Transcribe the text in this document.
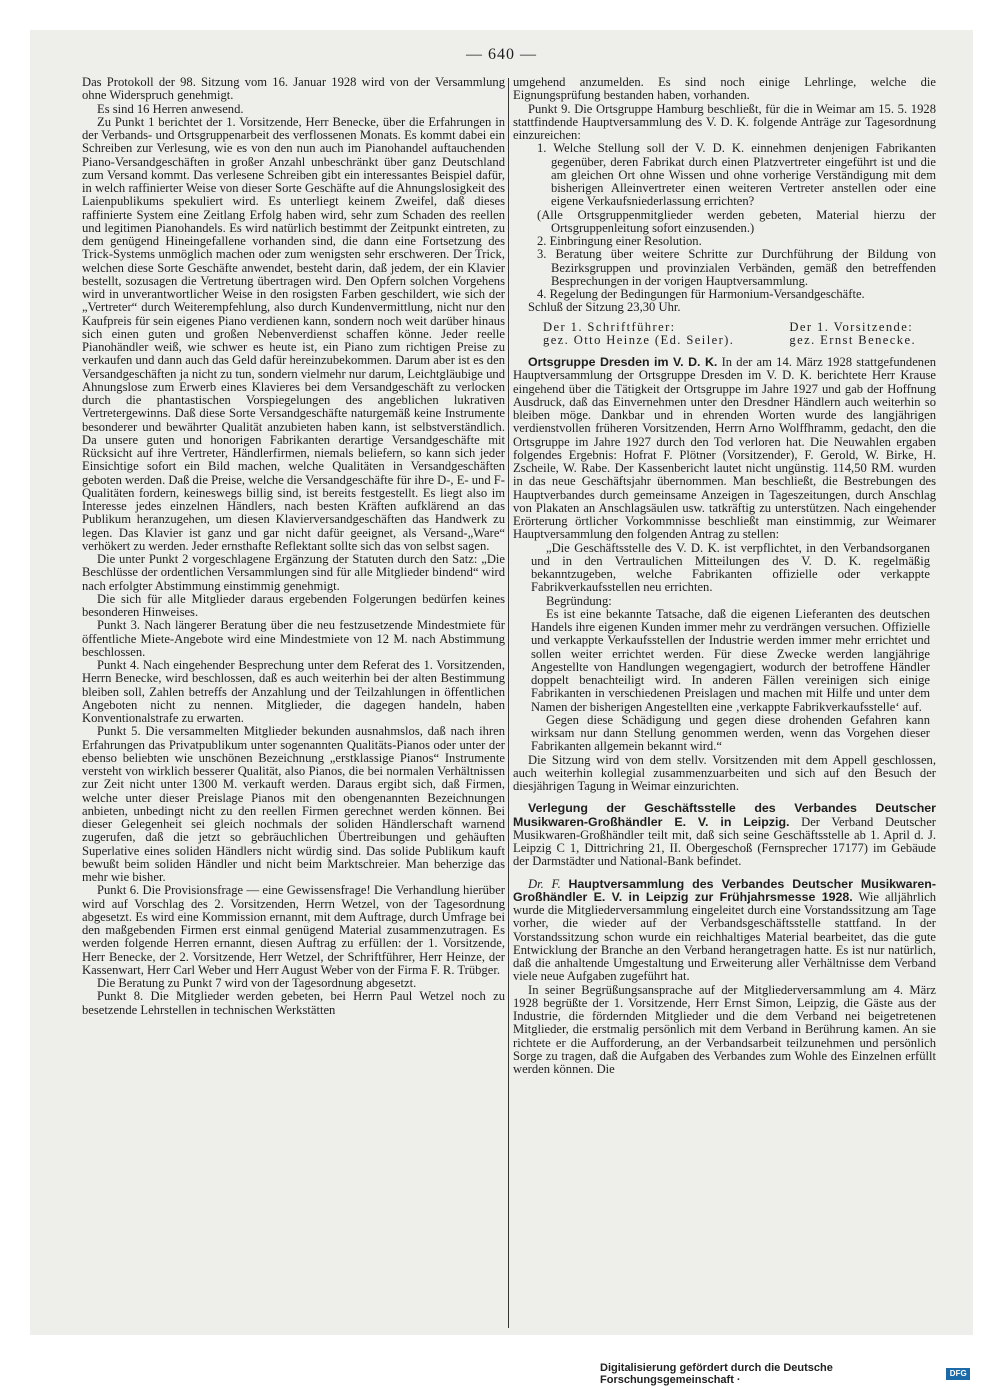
— 640 —

Das Protokoll der 98. Sitzung vom 16. Januar 1928 wird von der Versammlung ohne Widerspruch genehmigt.

Es sind 16 Herren anwesend.

Zu Punkt 1 berichtet der 1. Vorsitzende, Herr Benecke, über die Erfahrungen in der Verbands- und Ortsgruppenarbeit des verflossenen Monats. Es kommt dabei ein Schreiben zur Verlesung, wie es von den nun auch im Pianohandel auftauchenden Piano-Versandgeschäften in großer Anzahl unbeschränkt über ganz Deutschland zum Versand kommt. Das verlesene Schreiben gibt ein interessantes Beispiel dafür, in welch raffinierter Weise von dieser Sorte Geschäfte auf die Ahnungslosigkeit des Laienpublikums spekuliert wird. Es unterliegt keinem Zweifel, daß dieses raffinierte System eine Zeitlang Erfolg haben wird, sehr zum Schaden des reellen und legitimen Pianohandels. Es wird natürlich bestimmt der Zeitpunkt eintreten, zu dem genügend Hineingefallene vorhanden sind, die dann eine Fortsetzung des Trick-Systems unmöglich machen oder zum wenigsten sehr erschweren. Der Trick, welchen diese Sorte Geschäfte anwendet, besteht darin, daß jedem, der ein Klavier bestellt, sozusagen die Vertretung übertragen wird. Den Opfern solchen Vorgehens wird in unverantwortlicher Weise in den rosigsten Farben geschildert, wie sich der „Vertreter“ durch Weiterempfehlung, also durch Kundenvermittlung, nicht nur den Kaufpreis für sein eigenes Piano verdienen kann, sondern noch weit darüber hinaus sich einen guten und großen Nebenverdienst schaffen könne. Jeder reelle Pianohändler weiß, wie schwer es heute ist, ein Piano zum richtigen Preise zu verkaufen und dann auch das Geld dafür hereinzubekommen. Darum aber ist es den Versandgeschäften ja nicht zu tun, sondern vielmehr nur darum, Leichtgläubige und Ahnungslose zum Erwerb eines Klavieres bei dem Versandgeschäft zu verlocken durch die phantastischen Vorspiegelungen des angeblichen lukrativen Vertretergewinns. Daß diese Sorte Versandgeschäfte naturgemäß keine Instrumente besonderer und bewährter Qualität anzubieten haben kann, ist selbstverständlich. Da unsere guten und honorigen Fabrikanten derartige Versandgeschäfte mit Rücksicht auf ihre Vertreter, Händlerfirmen, niemals beliefern, so kann sich jeder Einsichtige sofort ein Bild machen, welche Qualitäten in Versandgeschäften geboten werden. Daß die Preise, welche die Versandgeschäfte für ihre D-, E- und F-Qualitäten fordern, keineswegs billig sind, ist bereits festgestellt. Es liegt also im Interesse jedes einzelnen Händlers, nach besten Kräften aufklärend an das Publikum heranzugehen, um diesen Klavierversandgeschäften das Handwerk zu legen. Das Klavier ist ganz und gar nicht dafür geeignet, als Versand-„Ware“ verhökert zu werden. Jeder ernsthafte Reflektant sollte sich das von selbst sagen.

Die unter Punkt 2 vorgeschlagene Ergänzung der Statuten durch den Satz: „Die Beschlüsse der ordentlichen Versammlungen sind für alle Mitglieder bindend“ wird nach erfolgter Abstimmung einstimmig genehmigt.

Die sich für alle Mitglieder daraus ergebenden Folgerungen bedürfen keines besonderen Hinweises.

Punkt 3. Nach längerer Beratung über die neu festzusetzende Mindestmiete für öffentliche Miete-Angebote wird eine Mindestmiete von 12 M. nach Abstimmung beschlossen.

Punkt 4. Nach eingehender Besprechung unter dem Referat des 1. Vorsitzenden, Herrn Benecke, wird beschlossen, daß es auch weiterhin bei der alten Bestimmung bleiben soll, Zahlen betreffs der Anzahlung und der Teilzahlungen in öffentlichen Angeboten nicht zu nennen. Mitglieder, die dagegen handeln, haben Konventionalstrafe zu erwarten.

Punkt 5. Die versammelten Mitglieder bekunden ausnahmslos, daß nach ihren Erfahrungen das Privatpublikum unter sogenannten Qualitäts-Pianos oder unter der ebenso beliebten wie unschönen Bezeichnung „erstklassige Pianos“ Instrumente versteht von wirklich besserer Qualität, also Pianos, die bei normalen Verhältnissen zur Zeit nicht unter 1300 M. verkauft werden. Daraus ergibt sich, daß Firmen, welche unter dieser Preislage Pianos mit den obengenannten Bezeichnungen anbieten, unbedingt nicht zu den reellen Firmen gerechnet werden können. Bei dieser Gelegenheit sei gleich nochmals der soliden Händlerschaft warnend zugerufen, daß die jetzt so gebräuchlichen Übertreibungen und gehäuften Superlative eines soliden Händlers nicht würdig sind. Das solide Publikum kauft bewußt beim soliden Händler und nicht beim Marktschreier. Man beherzige das mehr wie bisher.

Punkt 6. Die Provisionsfrage — eine Gewissensfrage! Die Verhandlung hierüber wird auf Vorschlag des 2. Vorsitzenden, Herrn Wetzel, von der Tagesordnung abgesetzt. Es wird eine Kommission ernannt, mit dem Auftrage, durch Umfrage bei den maßgebenden Firmen erst einmal genügend Material zusammenzutragen. Es werden folgende Herren ernannt, diesen Auftrag zu erfüllen: der 1. Vorsitzende, Herr Benecke, der 2. Vorsitzende, Herr Wetzel, der Schriftführer, Herr Heinze, der Kassenwart, Herr Carl Weber und Herr August Weber von der Firma F. R. Trübger.

Die Beratung zu Punkt 7 wird von der Tagesordnung abgesetzt.

Punkt 8. Die Mitglieder werden gebeten, bei Herrn Paul Wetzel noch zu besetzende Lehrstellen in technischen Werkstätten

umgehend anzumelden. Es sind noch einige Lehrlinge, welche die Eignungsprüfung bestanden haben, vorhanden.

Punkt 9. Die Ortsgruppe Hamburg beschließt, für die in Weimar am 15. 5. 1928 stattfindende Hauptversammlung des V. D. K. folgende Anträge zur Tagesordnung einzureichen:

1. Welche Stellung soll der V. D. K. einnehmen denjenigen Fabrikanten gegenüber, deren Fabrikat durch einen Platzvertreter eingeführt ist und die am gleichen Ort ohne Wissen und ohne vorherige Verständigung mit dem bisherigen Alleinvertreter einen weiteren Vertreter anstellen oder eine eigene Verkaufsniederlassung errichten?
(Alle Ortsgruppenmitglieder werden gebeten, Material hierzu der Ortsgruppenleitung sofort einzusenden.)
2. Einbringung einer Resolution.
3. Beratung über weitere Schritte zur Durchführung der Bildung von Bezirksgruppen und provinzialen Verbänden, gemäß den betreffenden Besprechungen in der vorigen Hauptversammlung.
4. Regelung der Bedingungen für Harmonium-Versandgeschäfte.

Schluß der Sitzung 23,30 Uhr.

Der 1. Schriftführer:
gez. Otto Heinze (Ed. Seiler).
Der 1. Vorsitzende:
gez. Ernst Benecke.

Ortsgruppe Dresden im V. D. K. In der am 14. März 1928 stattgefundenen Hauptversammlung der Ortsgruppe Dresden im V. D. K. berichtete Herr Krause eingehend über die Tätigkeit der Ortsgruppe im Jahre 1927 und gab der Hoffnung Ausdruck, daß das Einvernehmen unter den Dresdner Händlern auch weiterhin so bleiben möge. Dankbar und in ehrenden Worten wurde des langjährigen verdienstvollen früheren Vorsitzenden, Herrn Arno Wolffhramm, gedacht, den die Ortsgruppe im Jahre 1927 durch den Tod verloren hat. Die Neuwahlen ergaben folgendes Ergebnis: Hofrat F. Plötner (Vorsitzender), F. Gerold, W. Birke, H. Zscheile, W. Rabe. Der Kassenbericht lautet nicht ungünstig. 114,50 RM. wurden in das neue Geschäftsjahr übernommen. Man beschließt, die Bestrebungen des Hauptverbandes durch gemeinsame Anzeigen in Tageszeitungen, durch Anschlag von Plakaten an Anschlagsäulen usw. tatkräftig zu unterstützen. Nach eingehender Erörterung örtlicher Vorkommnisse beschließt man einstimmig, zur Weimarer Hauptversammlung den folgenden Antrag zu stellen:

„Die Geschäftsstelle des V. D. K. ist verpflichtet, in den Verbandsorganen und in den Vertraulichen Mitteilungen des V. D. K. regelmäßig bekanntzugeben, welche Fabrikanten offizielle oder verkappte Fabrikverkaufsstellen neu errichten.

Begründung:

Es ist eine bekannte Tatsache, daß die eigenen Lieferanten des deutschen Handels ihre eigenen Kunden immer mehr zu verdrängen versuchen. Offizielle und verkappte Verkaufsstellen der Industrie werden immer mehr errichtet und sollen weiter errichtet werden. Für diese Zwecke werden langjährige Angestellte von Handlungen wegengagiert, wodurch der betroffene Händler doppelt benachteiligt wird. In anderen Fällen vereinigen sich einige Fabrikanten in verschiedenen Preislagen und machen mit Hilfe und unter dem Namen der bisherigen Angestellten eine ‚verkappte Fabrikverkaufsstelle‘ auf.

Gegen diese Schädigung und gegen diese drohenden Gefahren kann wirksam nur dann Stellung genommen werden, wenn das Vorgehen dieser Fabrikanten allgemein bekannt wird.“

Die Sitzung wird von dem stellv. Vorsitzenden mit dem Appell geschlossen, auch weiterhin kollegial zusammenzuarbeiten und sich auf den Besuch der diesjährigen Tagung in Weimar einzurichten.

Verlegung der Geschäftsstelle des Verbandes Deutscher Musikwaren-Großhändler E. V. in Leipzig. Der Verband Deutscher Musikwaren-Großhändler teilt mit, daß sich seine Geschäftsstelle ab 1. April d. J. Leipzig C 1, Dittrichring 21, II. Obergeschoß (Fernsprecher 17177) im Gebäude der Darmstädter und National-Bank befindet.

Dr. F. Hauptversammlung des Verbandes Deutscher Musikwaren-Großhändler E. V. in Leipzig zur Frühjahrsmesse 1928. Wie alljährlich wurde die Mitgliederversammlung eingeleitet durch eine Vorstandssitzung am Tage vorher, die wieder auf der Verbandsgeschäftsstelle stattfand. In der Vorstandssitzung schon wurde ein reichhaltiges Material bearbeitet, das die gute Entwicklung der Branche an den Verband herangetragen hatte. Es ist nur natürlich, daß die anhaltende Umgestaltung und Erweiterung aller Verhältnisse dem Verband viele neue Aufgaben zugeführt hat.

In seiner Begrüßungsansprache auf der Mitgliederversammlung am 4. März 1928 begrüßte der 1. Vorsitzende, Herr Ernst Simon, Leipzig, die Gäste aus der Industrie, die fördernden Mitglieder und die dem Verband nei beigetretenen Mitglieder, die erstmalig persönlich mit dem Verband in Berührung kamen. An sie richtete er die Aufforderung, an der Verbandsarbeit teilzunehmen und persönlich Sorge zu tragen, daß die Aufgaben des Verbandes zum Wohle des Einzelnen erfüllt werden können. Die

Digitalisierung gefördert durch die Deutsche Forschungsgemeinschaft ·
DFG
